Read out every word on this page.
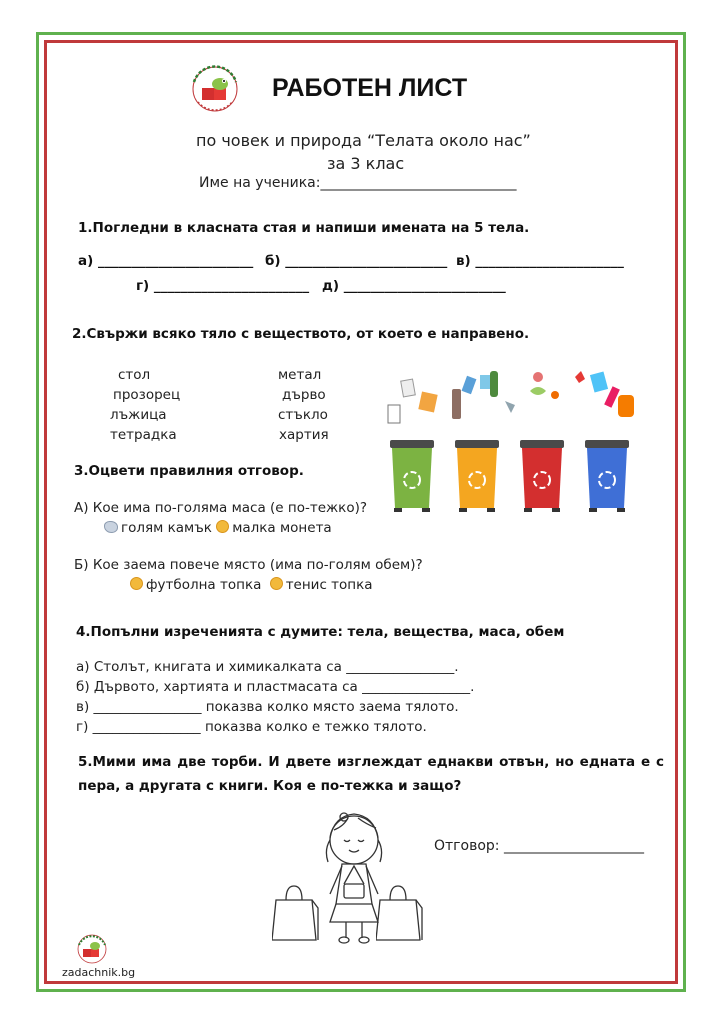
РАБОТЕН ЛИСТ
по човек и природа “Телата около нас”
за 3 клас
Име на ученика:____________________________
1.Погледни в класната стая и напиши имената на 5 тела.
а) _______________________ б) ________________________ в) ______________________
г) _______________________ д) ________________________
2.Свържи всяко тяло с веществото, от което е направено.
стол
прозорец
лъжица
тетрадка
метал
дърво
стъкло
хартия
3.Оцвети правилния отговор.
А) Кое има по-голяма маса (е по-тежко)?
голям камък малка монета
Б) Кое заема повече място (има по-голям обем)?
футболна топка тенис топка
4.Попълни изреченията с думите: тела, вещества, маса, обем
а) Столът, книгата и химикалката са ________________.
б) Дървото, хартията и пластмасата са ________________.
в) ________________ показва колко място заема тялото.
г) ________________ показва колко е тежко тялото.
5.Мими има две торби. И двете изглеждат еднакви отвън, но едната е с пера, а другата с книги. Коя е по-тежка и защо?
Отговор: ____________________
zadachnik.bg
